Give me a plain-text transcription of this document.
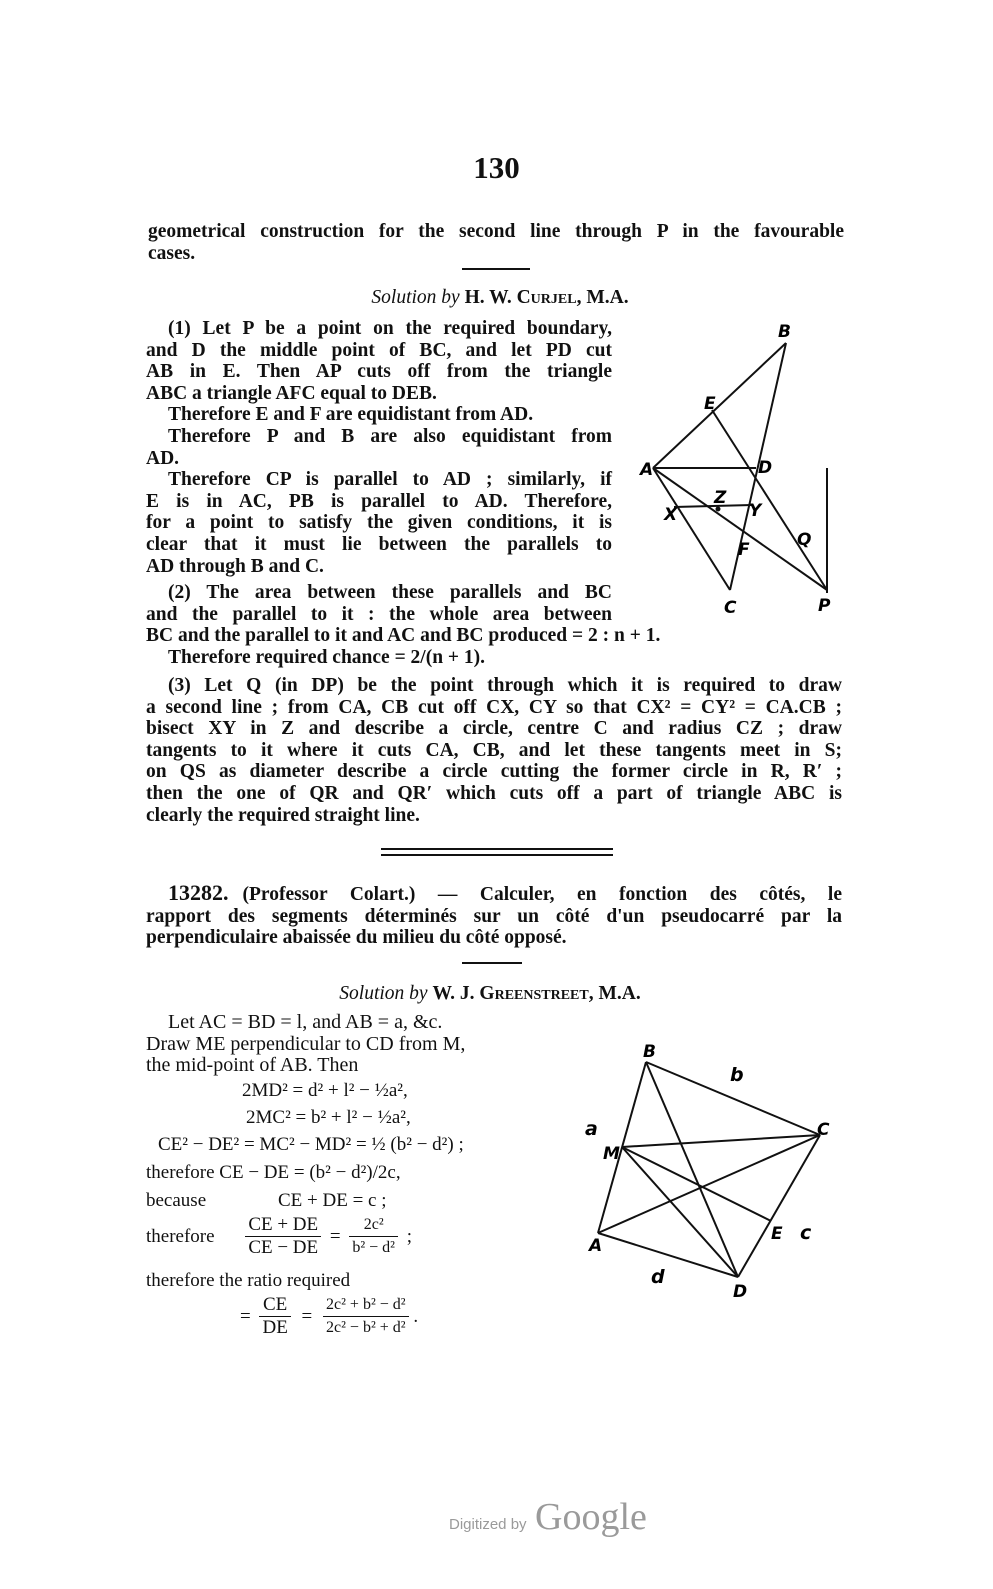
130
geometrical construction for the second line through P in the favourable
cases.
Solution by H. W. Curjel, M.A.
(1) Let P be a point on the required boundary,
and D the middle point of BC, and let PD cut
AB in E. Then AP cuts off from the triangle
ABC a triangle AFC equal to DEB.
Therefore E and F are equidistant from AD.
Therefore P and B are also equidistant from
AD.
Therefore CP is parallel to AD ; similarly, if
E is in AC, PB is parallel to AD. Therefore,
for a point to satisfy the given conditions, it is
clear that it must lie between the parallels to
AD through B and C.
(2) The area between these parallels and BC
and the parallel to it : the whole area between
BC and the parallel to it and AC and BC produced = 2 : n + 1.
Therefore required chance = 2/(n + 1).
(3) Let Q (in DP) be the point through which it is required to draw
a second line ; from CA, CB cut off CX, CY so that CX² = CY² = CA.CB ;
bisect XY in Z and describe a circle, centre C and radius CZ ; draw
tangents to it where it cuts CA, CB, and let these tangents meet in S;
on QS as diameter describe a circle cutting the former circle in R, R′ ;
then the one of QR and QR′ which cuts off a part of triangle ABC is
clearly the required straight line.
B
E
A	D
Z
Y
X
Q
F
C	P
13282. (Professor Colart.) — Calculer, en fonction des côtés, le
rapport des segments déterminés sur un côté d'un pseudocarré par la
perpendiculaire abaissée du milieu du côté opposé.
Solution by W. J. Greenstreet, M.A.
Let AC = BD = l, and AB = a, &c.
Draw ME perpendicular to CD from M,
the mid-point of AB. Then
2MD² = d² + l² − ½a²,
2MC² = b² + l² − ½a²,
CE² − DE² = MC² − MD² = ½ (b² − d²) ;
therefore CE − DE = (b² − d²)/2c,
because	CE + DE = c ;
therefore $\frac{CE + DE}{CE - DE} = \frac{\text{2c²}}{\text{b² − d²}}$ ;
therefore the ratio required
= $\frac{CE}{DE} = \frac{\text{2c² + b² − d²}}{\text{2c² − b² + d²}}$ .
B
b
a	C
M
E c
A
d
D
Digitized by Google
